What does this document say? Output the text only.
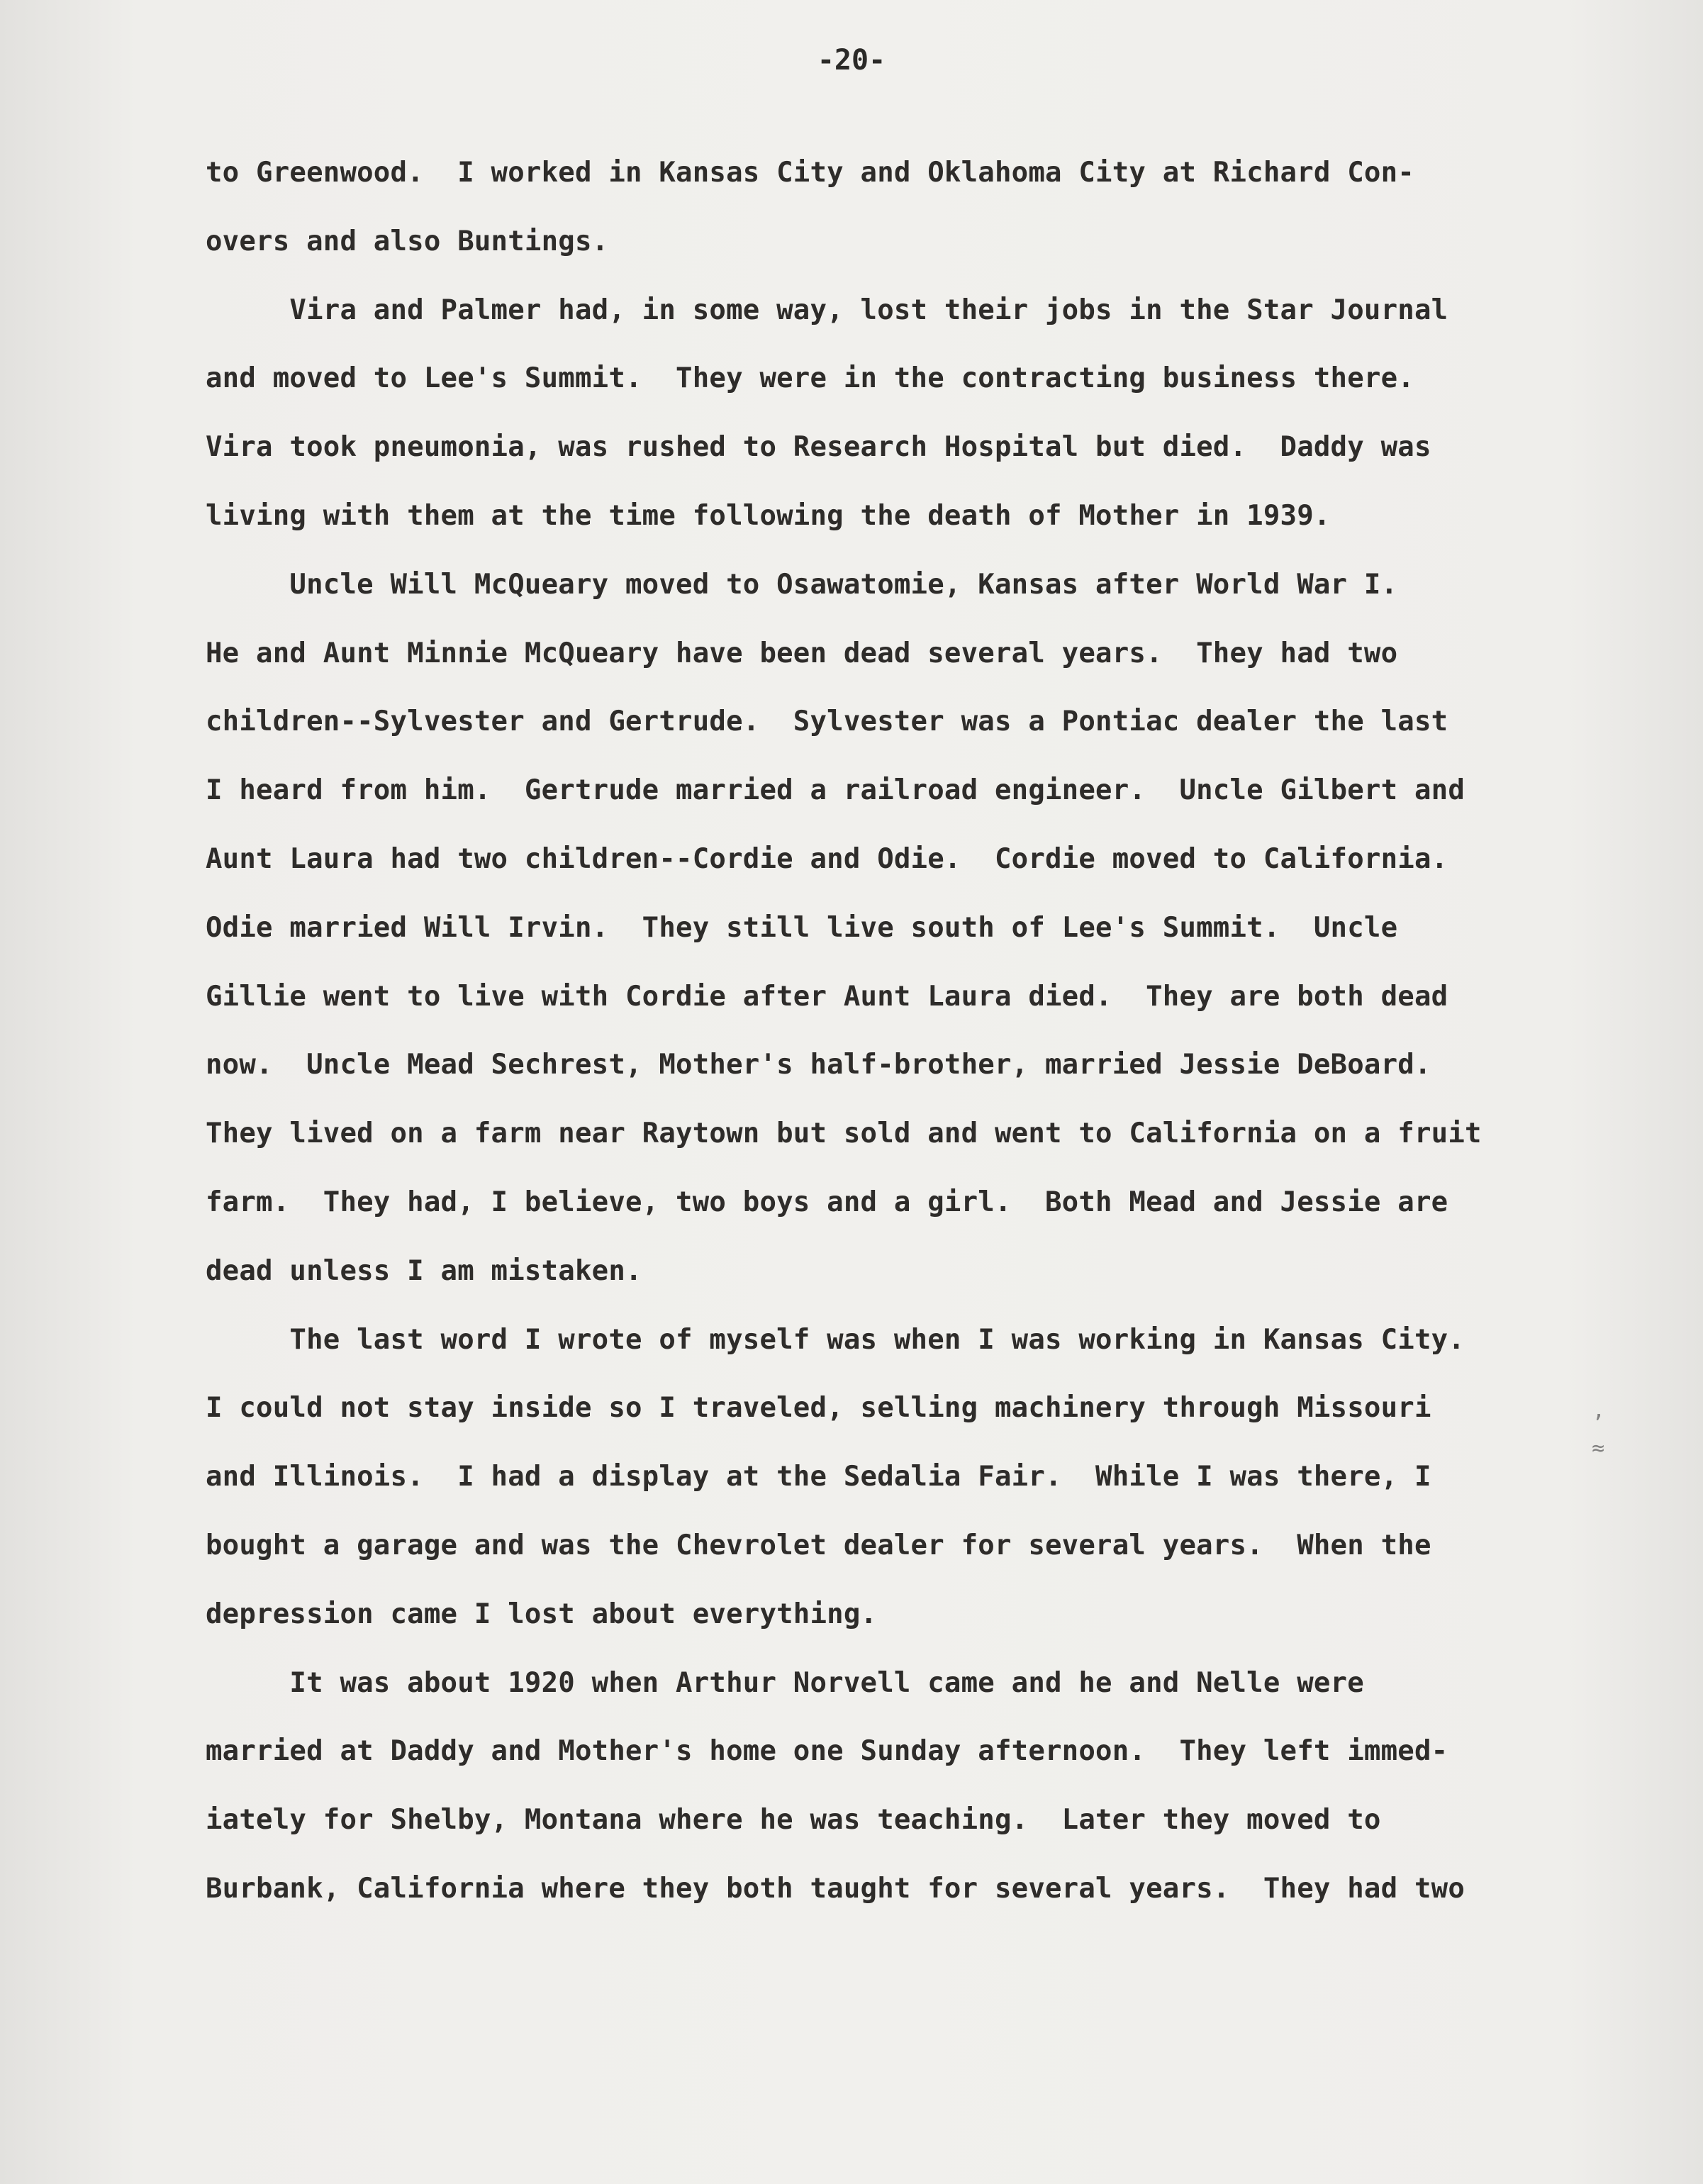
-20-
to Greenwood.  I worked in Kansas City and Oklahoma City at Richard Con-
overs and also Buntings.
Vira and Palmer had, in some way, lost their jobs in the Star Journal
and moved to Lee's Summit.  They were in the contracting business there.
Vira took pneumonia, was rushed to Research Hospital but died.  Daddy was
living with them at the time following the death of Mother in 1939.
Uncle Will McQueary moved to Osawatomie, Kansas after World War I.
He and Aunt Minnie McQueary have been dead several years.  They had two
children--Sylvester and Gertrude.  Sylvester was a Pontiac dealer the last
I heard from him.  Gertrude married a railroad engineer.  Uncle Gilbert and
Aunt Laura had two children--Cordie and Odie.  Cordie moved to California.
Odie married Will Irvin.  They still live south of Lee's Summit.  Uncle
Gillie went to live with Cordie after Aunt Laura died.  They are both dead
now.  Uncle Mead Sechrest, Mother's half-brother, married Jessie DeBoard.
They lived on a farm near Raytown but sold and went to California on a fruit
farm.  They had, I believe, two boys and a girl.  Both Mead and Jessie are
dead unless I am mistaken.
The last word I wrote of myself was when I was working in Kansas City.
I could not stay inside so I traveled, selling machinery through Missouri
and Illinois.  I had a display at the Sedalia Fair.  While I was there, I
bought a garage and was the Chevrolet dealer for several years.  When the
depression came I lost about everything.
It was about 1920 when Arthur Norvell came and he and Nelle were
married at Daddy and Mother's home one Sunday afternoon.  They left immed-
iately for Shelby, Montana where he was teaching.  Later they moved to
Burbank, California where they both taught for several years.  They had two
’
≈
